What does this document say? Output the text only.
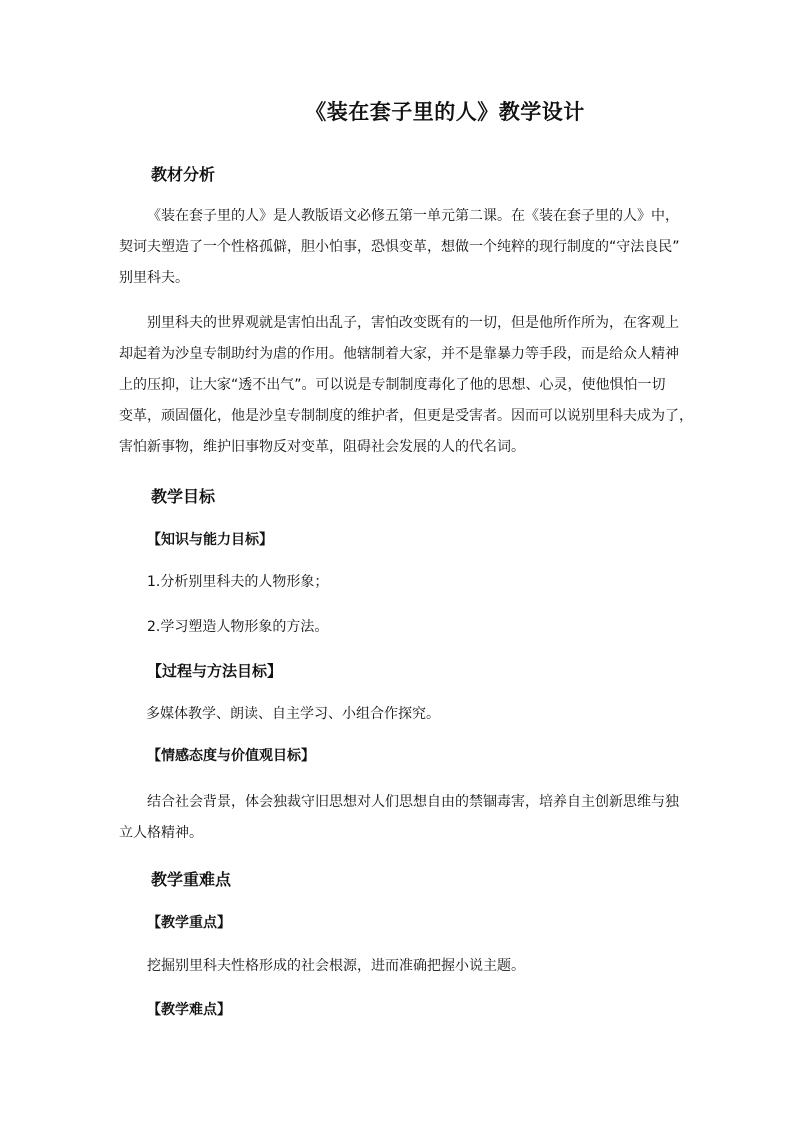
《装在套子里的人》教学设计
教材分析
《装在套子里的人》是人教版语文必修五第一单元第二课。在《装在套子里的人》中，
契诃夫塑造了一个性格孤僻，胆小怕事，恐惧变革，想做一个纯粹的现行制度的“守法良民”
别里科夫。
别里科夫的世界观就是害怕出乱子，害怕改变既有的一切，但是他所作所为，在客观上
却起着为沙皇专制助纣为虐的作用。他辖制着大家，并不是靠暴力等手段，而是给众人精神
上的压抑，让大家“透不出气”。可以说是专制制度毒化了他的思想、心灵，使他惧怕一切
变革，顽固僵化，他是沙皇专制制度的维护者，但更是受害者。因而可以说别里科夫成为了，
害怕新事物，维护旧事物反对变革，阻碍社会发展的人的代名词。
教学目标
【知识与能力目标】
1.分析别里科夫的人物形象；
2.学习塑造人物形象的方法。
【过程与方法目标】
多媒体教学、朗读、自主学习、小组合作探究。
【情感态度与价值观目标】
结合社会背景，体会独裁守旧思想对人们思想自由的禁锢毒害，培养自主创新思维与独
立人格精神。
教学重难点
【教学重点】
挖掘别里科夫性格形成的社会根源，进而准确把握小说主题。
【教学难点】
